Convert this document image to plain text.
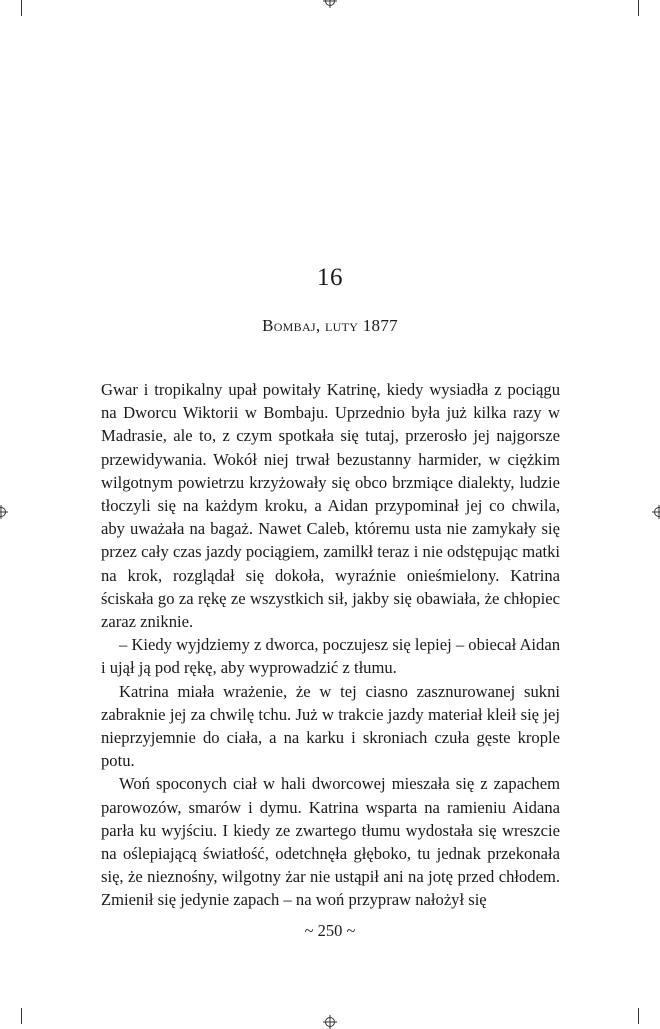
16
Bombaj, luty 1877

Gwar i tropikalny upał powitały Katrinę, kiedy wysiadła z pociągu na Dworcu Wiktorii w Bombaju. Uprzednio była już kilka razy w Madrasie, ale to, z czym spotkała się tutaj, przerosło jej najgorsze przewidywania. Wokół niej trwał bezustanny harmider, w ciężkim wilgotnym powietrzu krzyżowały się obco brzmiące dialekty, ludzie tłoczyli się na każdym kroku, a Aidan przypominał jej co chwila, aby uważała na bagaż. Nawet Caleb, któremu usta nie zamykały się przez cały czas jazdy pociągiem, zamilkł teraz i nie odstępując matki na krok, rozglądał się dokoła, wyraźnie onieśmielony. Katrina ściskała go za rękę ze wszystkich sił, jakby się obawiała, że chłopiec zaraz zniknie.

– Kiedy wyjdziemy z dworca, poczujesz się lepiej – obiecał Aidan i ujął ją pod rękę, aby wyprowadzić z tłumu.

Katrina miała wrażenie, że w tej ciasno zasznurowanej sukni zabraknie jej za chwilę tchu. Już w trakcie jazdy materiał kleił się jej nieprzyjemnie do ciała, a na karku i skroniach czuła gęste krople potu.

Woń spoconych ciał w hali dworcowej mieszała się z zapachem parowozów, smarów i dymu. Katrina wsparta na ramieniu Aidana parła ku wyjściu. I kiedy ze zwartego tłumu wydostała się wreszcie na oślepiającą światłość, odetchnęła głęboko, tu jednak przekonała się, że nieznośny, wilgotny żar nie ustąpił ani na jotę przed chłodem. Zmienił się jedynie zapach – na woń przypraw nałożył się

~ 250 ~
